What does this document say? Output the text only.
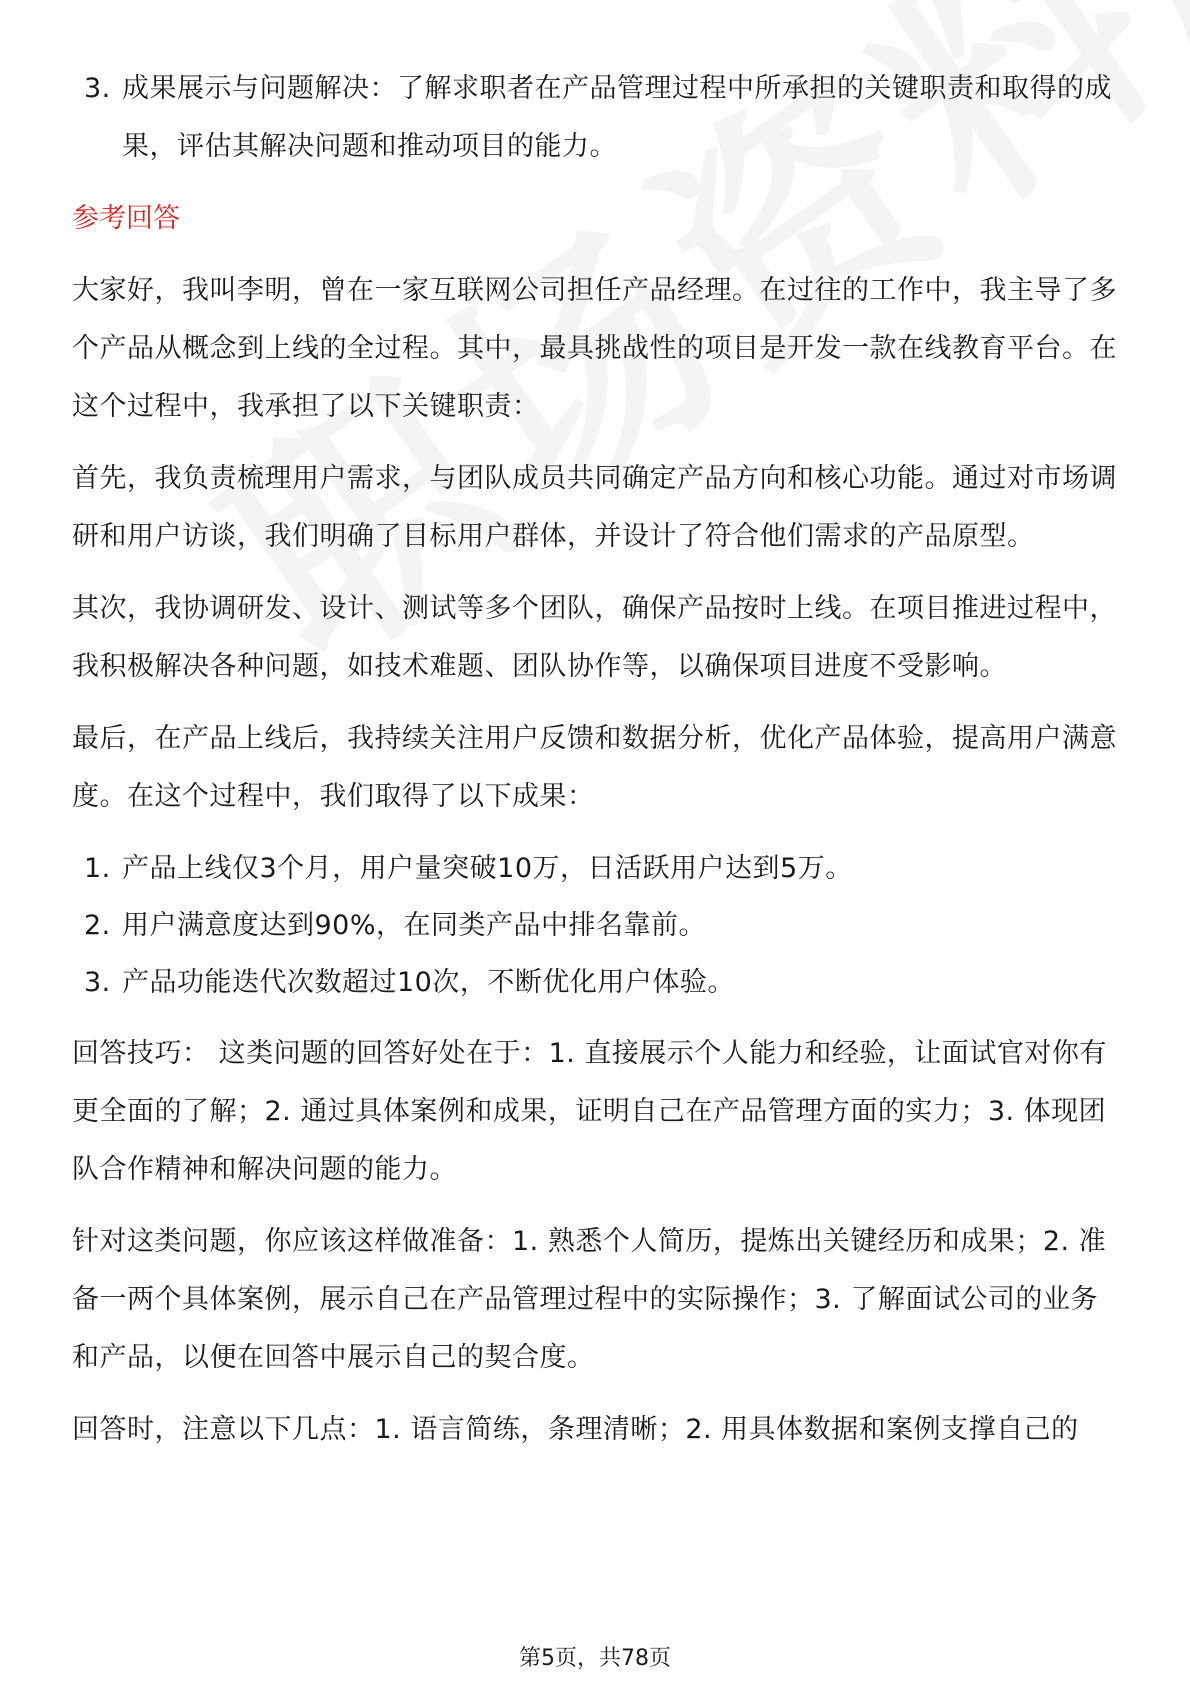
3. 成果展示与问题解决：了解求职者在产品管理过程中所承担的关键职责和取得的成果，评估其解决问题和推动项目的能力。
参考回答

大家好，我叫李明，曾在一家互联网公司担任产品经理。在过往的工作中，我主导了多个产品从概念到上线的全过程。其中，最具挑战性的项目是开发一款在线教育平台。在这个过程中，我承担了以下关键职责：

首先，我负责梳理用户需求，与团队成员共同确定产品方向和核心功能。通过对市场调研和用户访谈，我们明确了目标用户群体，并设计了符合他们需求的产品原型。

其次，我协调研发、设计、测试等多个团队，确保产品按时上线。在项目推进过程中，我积极解决各种问题，如技术难题、团队协作等，以确保项目进度不受影响。

最后，在产品上线后，我持续关注用户反馈和数据分析，优化产品体验，提高用户满意度。在这个过程中，我们取得了以下成果：

1. 产品上线仅3个月，用户量突破10万，日活跃用户达到5万。
2. 用户满意度达到90%，在同类产品中排名靠前。
3. 产品功能迭代次数超过10次，不断优化用户体验。

回答技巧： 这类问题的回答好处在于：1. 直接展示个人能力和经验，让面试官对你有更全面的了解；2. 通过具体案例和成果，证明自己在产品管理方面的实力；3. 体现团队合作精神和解决问题的能力。

针对这类问题，你应该这样做准备：1. 熟悉个人简历，提炼出关键经历和成果；2. 准备一两个具体案例，展示自己在产品管理过程中的实际操作；3. 了解面试公司的业务和产品，以便在回答中展示自己的契合度。

回答时，注意以下几点：1. 语言简练，条理清晰；2. 用具体数据和案例支撑自己的

第5页，共78页
